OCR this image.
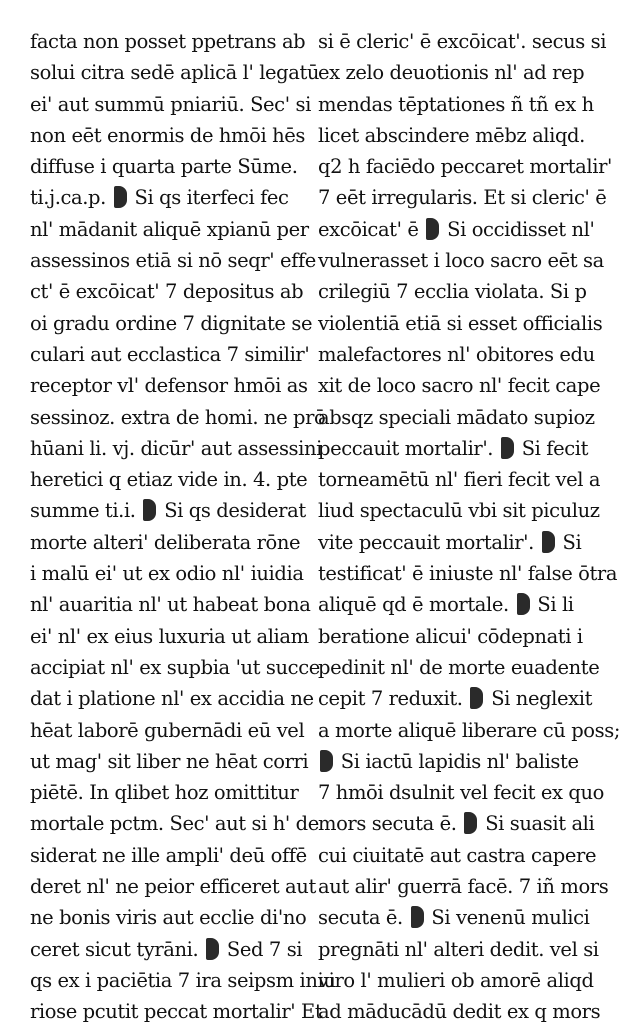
facta non posset ppetrans ab
solui citra sedē aplicā l' legatū
ei' aut summū pniariū. Sec' si
non eēt enormis de hmōi hēs
diffuse i quarta parte Sūme.
ti.j.ca.p.  Si qs iterfeci fec
nl' mādanit aliquē xpianū per
assessinos etiā si nō seqr' effe
ct' ē excōicat' 7 depositus ab
oi gradu ordine 7 dignitate se
culari aut ecclastica 7 similir'
receptor vl' defensor hmōi as
sessinoz. extra de homi. ne prō
hūani li. vj. dicūr' aut assessini
heretici q etiaz vide in. 4. pte
summe ti.i.  Si qs desiderat
morte alteri' deliberata rōne
i malū ei' ut ex odio nl' iuidia
nl' auaritia nl' ut habeat bona
ei' nl' ex eius luxuria ut aliam
accipiat nl' ex supbia 'ut succe
dat i platione nl' ex accidia ne
hēat laborē gubernādi eū vel
ut mag' sit liber ne hēat corri
piētē. In qlibet hoz omittitur
mortale pctm. Sec' aut si h' de
siderat ne ille ampli' deū offē
deret nl' ne peior efficeret aut
ne bonis viris aut ecclie di'no
ceret sicut tyrāni.  Sed 7 si
qs ex i paciētia 7 ira seipsm iniu
riose pcutit peccat mortalir' Et
si ē cleric' ē excōicat'. secus si
ex zelo deuotionis nl' ad rep
mendas tēptationes ñ tñ ex h
licet abscindere mēbz aliqd.
q2 h faciēdo peccaret mortalir'
7 eēt irregularis. Et si cleric' ē
excōicat' ē  Si occidisset nl'
vulnerasset i loco sacro eēt sa
crilegiū 7 ecclia violata. Si p
violentiā etiā si esset officialis
malefactores nl' obitores edu
xit de loco sacro nl' fecit cape
absqz speciali mādato supioz
peccauit mortalir'.  Si fecit
torneamētū nl' fieri fecit vel a
liud spectaculū vbi sit piculuz
vite peccauit mortalir'.  Si
testificat' ē iniuste nl' false ōtra
aliquē qd ē mortale.  Si li
beratione alicui' cōdepnati i
pedinit nl' de morte euadente
cepit 7 reduxit.  Si neglexit
a morte aliquē liberare cū poss;
Si iactū lapidis nl' baliste
7 hmōi dsulnit vel fecit ex quo
mors secuta ē.  Si suasit ali
cui ciuitatē aut castra capere
aut alir' guerrā facē. 7 iñ mors
secuta ē.  Si venenū mulici
pregnāti nl' alteri dedit. vel si
viro l' mulieri ob amorē aliqd
ad māducādū dedit ex q mors
